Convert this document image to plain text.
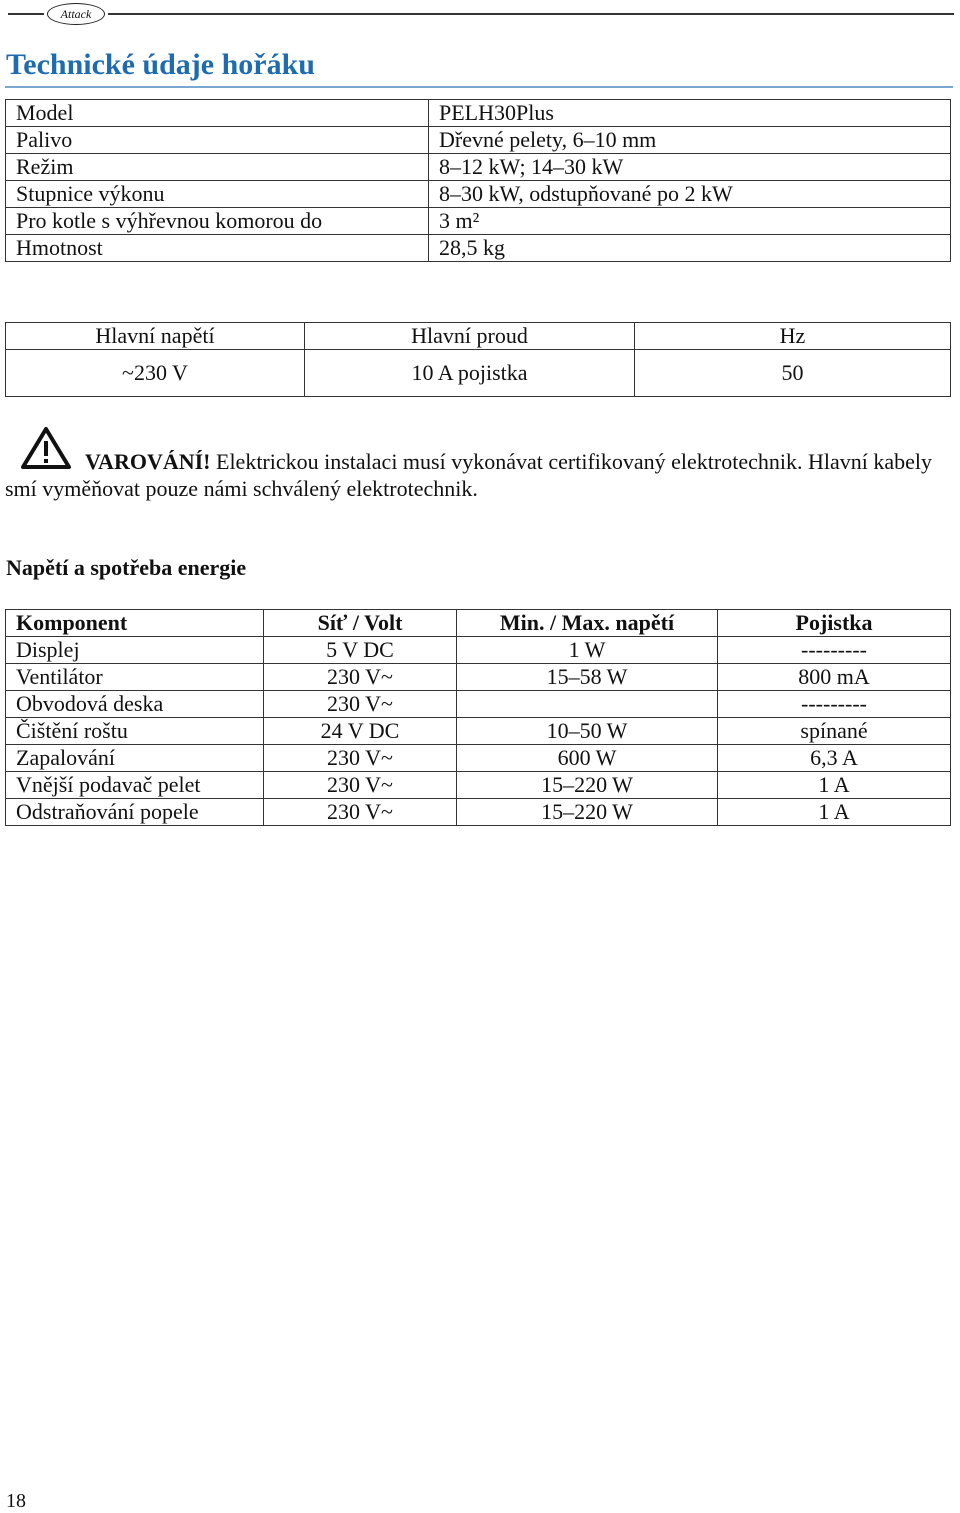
Attack
Technické údaje hořáku
Model	PELH30Plus
Palivo	Dřevné pelety, 6–10 mm
Režim	8–12 kW; 14–30 kW
Stupnice výkonu	8–30 kW, odstupňované po 2 kW
Pro kotle s výhřevnou komorou do	3 m²
Hmotnost	28,5 kg
Hlavní napětí	Hlavní proud	Hz
~230 V	10 A pojistka	50
VAROVÁNÍ! Elektrickou instalaci musí vykonávat certifikovaný elektrotechnik. Hlavní kabely smí vyměňovat pouze námi schválený elektrotechnik.
Napětí a spotřeba energie
Komponent	Síť / Volt	Min. / Max. napětí	Pojistka
Displej	5 V DC	1 W	---------
Ventilátor	230 V~	15–58 W	800 mA
Obvodová deska	230 V~		---------
Čištění roštu	24 V DC	10–50 W	spínané
Zapalování	230 V~	600 W	6,3 A
Vnější podavač pelet	230 V~	15–220 W	1 A
Odstraňování popele	230 V~	15–220 W	1 A
18
